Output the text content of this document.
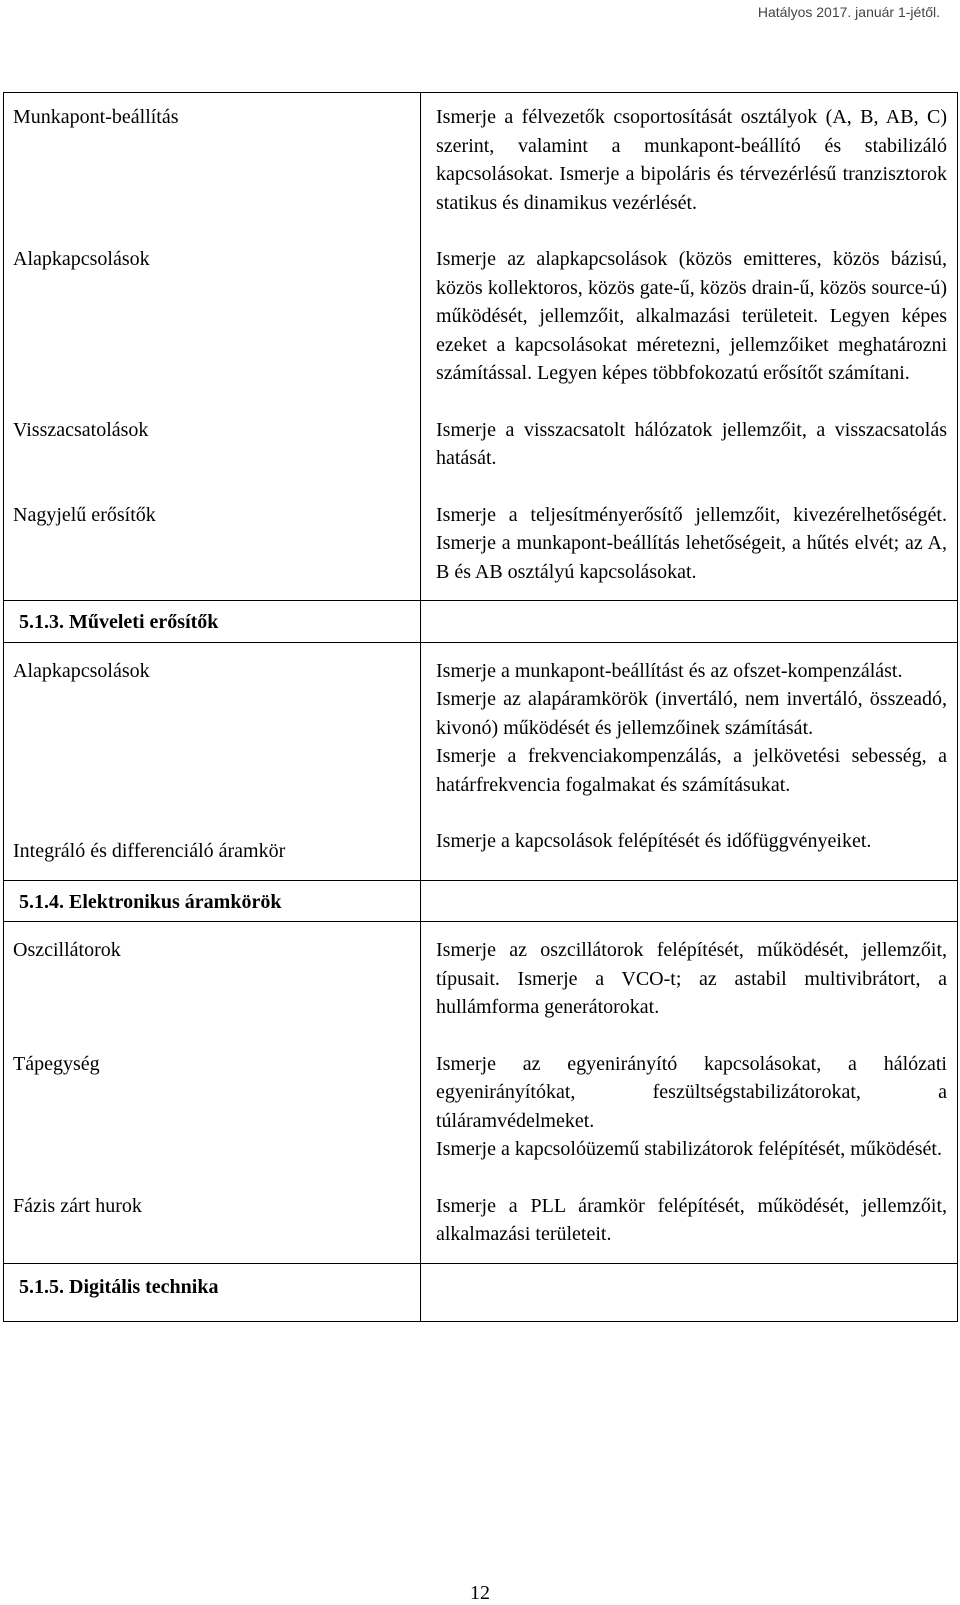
Hatályos 2017. január 1-jétől.
Munkapont-beállítás	Ismerje a félvezetők csoportosítását osztályok (A, B, AB, C) szerint, valamint a munkapont-beállító és stabilizáló kapcsolásokat. Ismerje a bipoláris és térvezérlésű tranzisztorok statikus és dinamikus vezérlését.

Alapkapcsolások	Ismerje az alapkapcsolások (közös emitteres, közös bázisú, közös kollektoros, közös gate-ű, közös drain-ű, közös source-ú) működését, jellemzőit, alkalmazási területeit. Legyen képes ezeket a kapcsolásokat méretezni, jellemzőiket meghatározni számítással. Legyen képes többfokozatú erősítőt számítani.

Visszacsatolások	Ismerje a visszacsatolt hálózatok jellemzőit, a visszacsatolás hatását.

Nagyjelű erősítők	Ismerje a teljesítményerősítő jellemzőit, kivezérelhetőségét. Ismerje a munkapont-beállítás lehetőségeit, a hűtés elvét; az A, B és AB osztályú kapcsolásokat.

5.1.3. Műveleti erősítők	
Alapkapcsolások	Ismerje a munkapont-beállítást és az ofszet-kompenzálást.
Ismerje az alapáramkörök (invertáló, nem invertáló, összeadó, kivonó) működését és jellemzőinek számítását.
Ismerje a frekvenciakompenzálás, a jelkövetési sebesség, a határfrekvencia fogalmakat és számításukat.

Integráló és differenciáló áramkör	Ismerje a kapcsolások felépítését és időfüggvényeiket.

5.1.4. Elektronikus áramkörök	
Oszcillátorok	Ismerje az oszcillátorok felépítését, működését, jellemzőit, típusait. Ismerje a VCO-t; az astabil multivibrátort, a hullámforma generátorokat.

Tápegység	Ismerje az egyenirányító kapcsolásokat, a hálózati egyenirányítókat, feszültségstabilizátorokat, a túláramvédelmeket.
Ismerje a kapcsolóüzemű stabilizátorok felépítését, működését.

Fázis zárt hurok	Ismerje a PLL áramkör felépítését, működését, jellemzőit, alkalmazási területeit.

5.1.5. Digitális technika	
12
